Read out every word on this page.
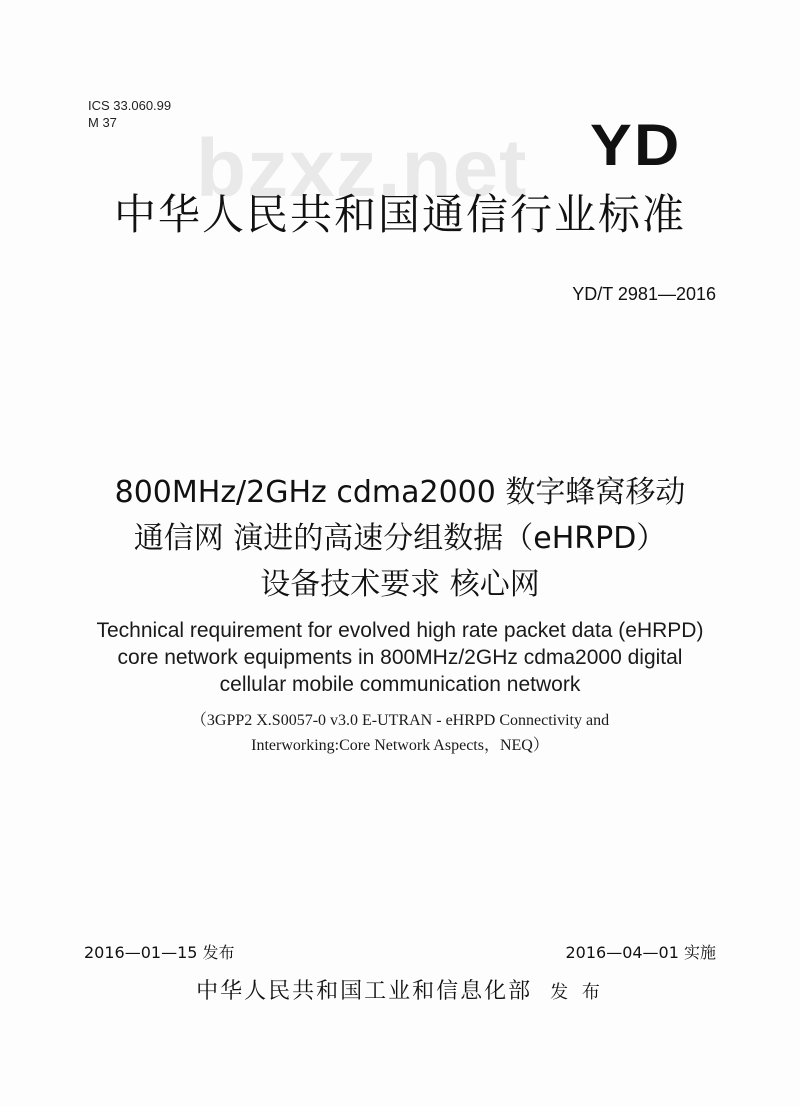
bzxz.net
ICS 33.060.99
M 37	YD
中华人民共和国通信行业标准
YD/T 2981—2016
800MHz/2GHz cdma2000 数字蜂窝移动
通信网 演进的高速分组数据（eHRPD）
设备技术要求 核心网
Technical requirement for evolved high rate packet data (eHRPD)
core network equipments in 800MHz/2GHz cdma2000 digital
cellular mobile communication network
（3GPP2 X.S0057-0 v3.0 E-UTRAN - eHRPD Connectivity and
Interworking:Core Network Aspects，NEQ）
2016—01—15 发布	2016—04—01 实施
中华人民共和国工业和信息化部 发 布
